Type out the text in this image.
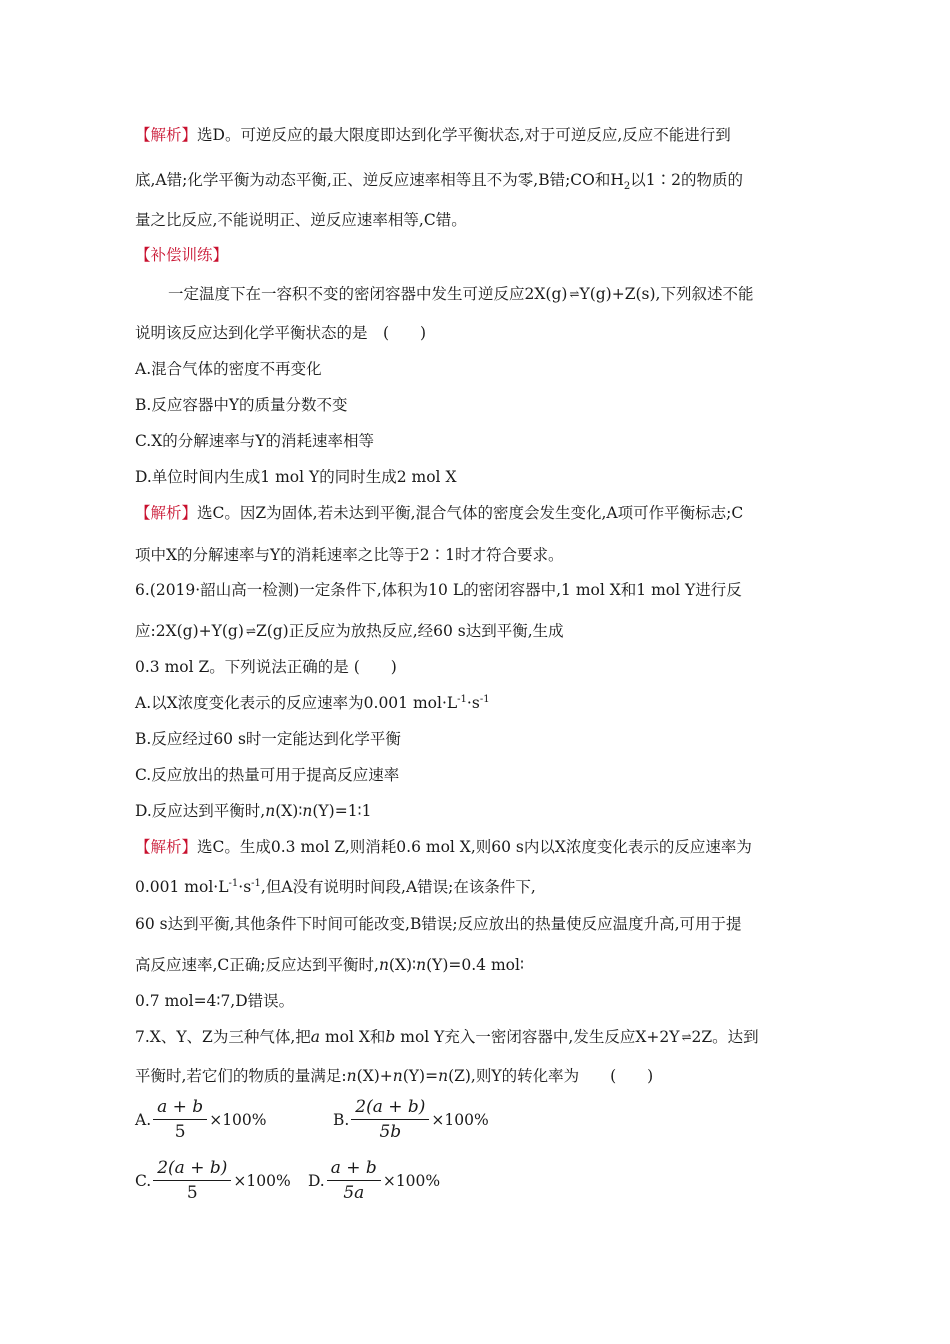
【解析】选D。可逆反应的最大限度即达到化学平衡状态,对于可逆反应,反应不能进行到
底,A错;化学平衡为动态平衡,正、逆反应速率相等且不为零,B错;CO和$H_2$以1∶2的物质的
量之比反应,不能说明正、逆反应速率相等,C错。
【补偿训练】
一定温度下在一容积不变的密闭容器中发生可逆反应2X(g) ⇌ Y(g)+Z(s),下列叙述不能
说明该反应达到化学平衡状态的是　(　　)
A.混合气体的密度不再变化
B.反应容器中Y的质量分数不变
C.X的分解速率与Y的消耗速率相等
D.单位时间内生成1 mol Y的同时生成2 mol X
【解析】选C。因Z为固体,若未达到平衡,混合气体的密度会发生变化,A项可作平衡标志;C
项中X的分解速率与Y的消耗速率之比等于2∶1时才符合要求。
6.(2019·韶山高一检测)一定条件下,体积为10 L的密闭容器中,1 mol X和1 mol Y进行反
应:2X(g)+Y(g) ⇌ Z(g)正反应为放热反应,经60 s达到平衡,生成
0.3 mol Z。下列说法正确的是 (　　)
A.以X浓度变化表示的反应速率为0.001 $mol\cdot L^{-1}\cdot s^{-1}$
B.反应经过60 s时一定能达到化学平衡
C.反应放出的热量可用于提高反应速率
D.反应达到平衡时,n(X)∶n(Y)=1∶1
【解析】选C。生成0.3 mol Z,则消耗0.6 mol X,则60 s内以X浓度变化表示的反应速率为
0.001 $mol\cdot L^{-1}\cdot s^{-1}$,但A没有说明时间段,A错误;在该条件下,
60 s达到平衡,其他条件下时间可能改变,B错误;反应放出的热量使反应温度升高,可用于提
高反应速率,C正确;反应达到平衡时,n(X)∶n(Y)=0.4 mol∶
0.7 mol=4∶7,D错误。
7.X、Y、Z为三种气体,把a mol X和b mol Y充入一密闭容器中,发生反应X+2Y ⇌ 2Z。达到
平衡时,若它们的物质的量满足:n(X)+n(Y)=n(Z),则Y的转化率为　　(　　)
A. $\frac{a + b}{5} \times 100\%$
	B. $\frac{2(a + b)}{5b} \times 100\%$
C. $\frac{2(a + b)}{5} \times 100\%$
D. $\frac{a + b}{5a} \times 100\%$
